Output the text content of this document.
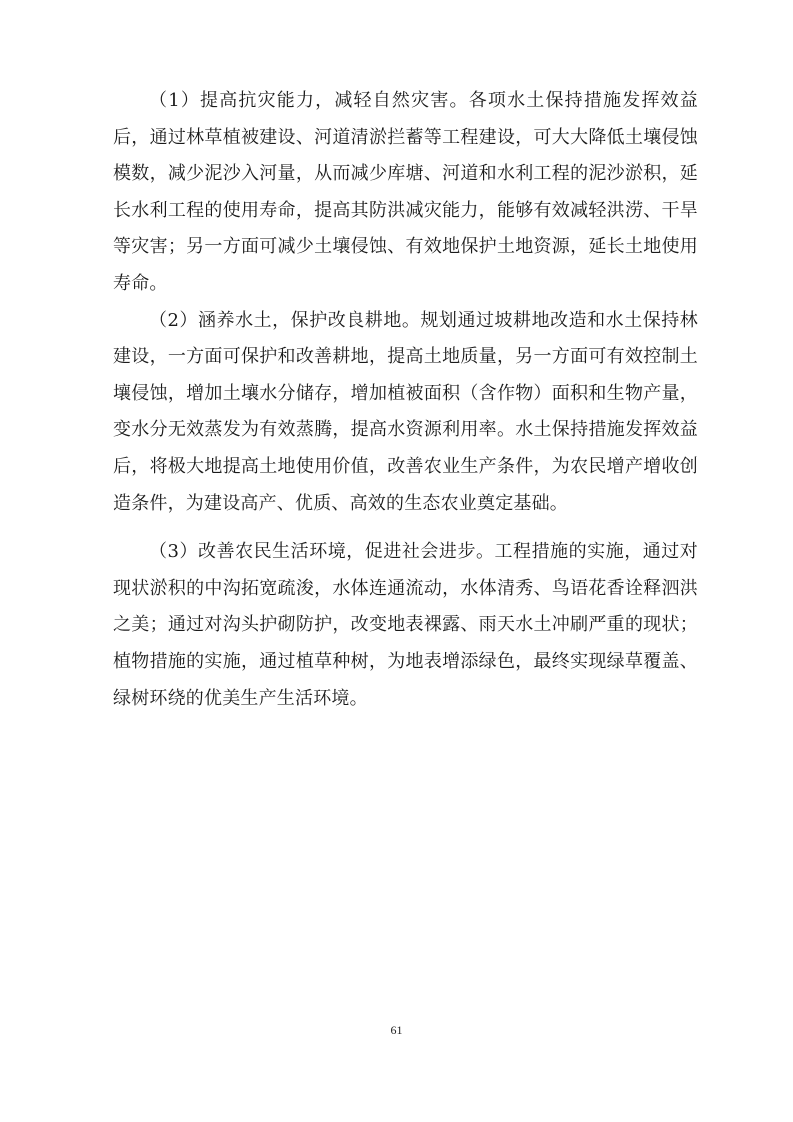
（1）提高抗灾能力，减轻自然灾害。各项水土保持措施发挥效益后，通过林草植被建设、河道清淤拦蓄等工程建设，可大大降低土壤侵蚀模数，减少泥沙入河量，从而减少库塘、河道和水利工程的泥沙淤积，延长水利工程的使用寿命，提高其防洪减灾能力，能够有效减轻洪涝、干旱等灾害；另一方面可减少土壤侵蚀、有效地保护土地资源，延长土地使用寿命。

（2）涵养水土，保护改良耕地。规划通过坡耕地改造和水土保持林建设，一方面可保护和改善耕地，提高土地质量，另一方面可有效控制土壤侵蚀，增加土壤水分储存，增加植被面积（含作物）面积和生物产量，变水分无效蒸发为有效蒸腾，提高水资源利用率。水土保持措施发挥效益后，将极大地提高土地使用价值，改善农业生产条件，为农民增产增收创造条件，为建设高产、优质、高效的生态农业奠定基础。

（3）改善农民生活环境，促进社会进步。工程措施的实施，通过对现状淤积的中沟拓宽疏浚，水体连通流动，水体清秀、鸟语花香诠释泗洪之美；通过对沟头护砌防护，改变地表裸露、雨天水土冲刷严重的现状；植物措施的实施，通过植草种树，为地表增添绿色，最终实现绿草覆盖、绿树环绕的优美生产生活环境。

61
